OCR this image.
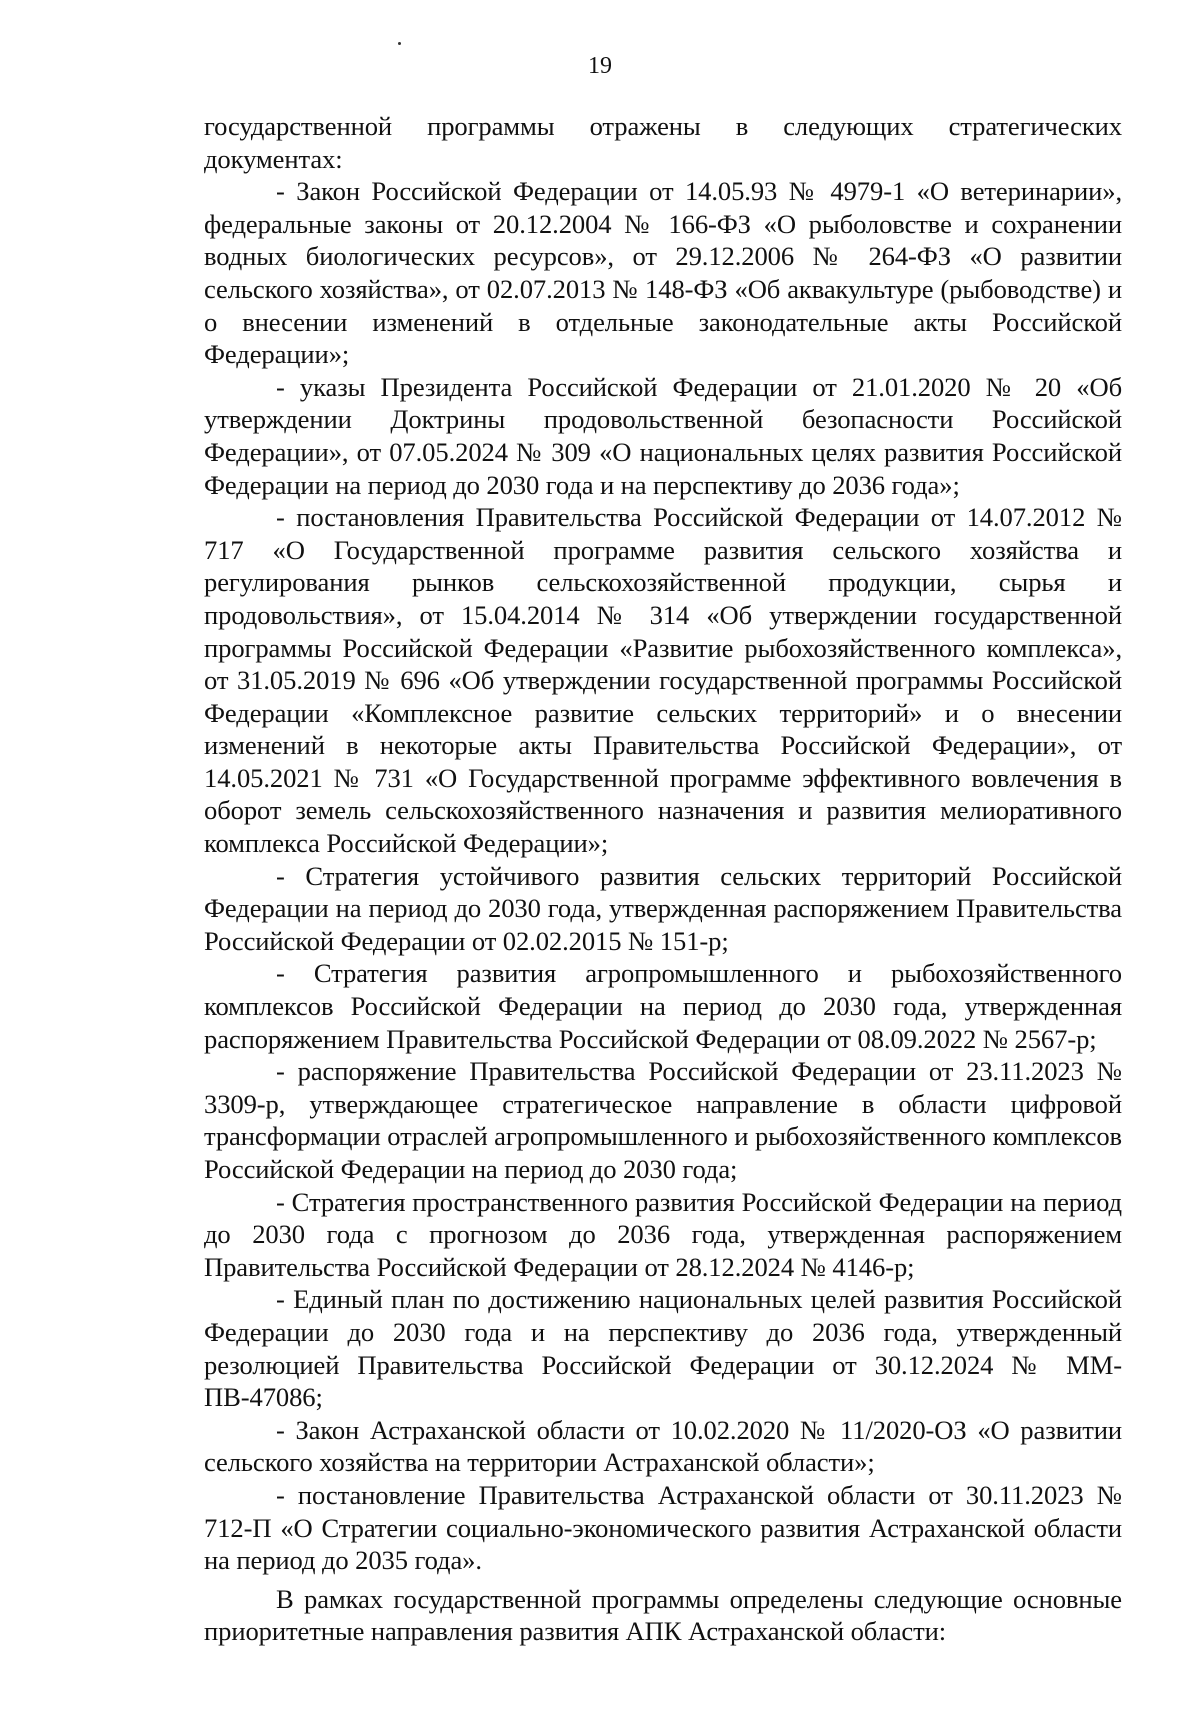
19

государственной программы отражены в следующих стратегических документах:

- Закон Российской Федерации от 14.05.93 № 4979-1 «О ветеринарии», федеральные законы от 20.12.2004 № 166-ФЗ «О рыболовстве и сохранении водных биологических ресурсов», от 29.12.2006 № 264-ФЗ «О развитии сельского хозяйства», от 02.07.2013 № 148-ФЗ «Об аквакультуре (рыбоводстве) и о внесении изменений в отдельные законодательные акты Российской Федерации»;

- указы Президента Российской Федерации от 21.01.2020 № 20 «Об утверждении Доктрины продовольственной безопасности Российской Федерации», от 07.05.2024 № 309 «О национальных целях развития Российской Федерации на период до 2030 года и на перспективу до 2036 года»;

- постановления Правительства Российской Федерации от 14.07.2012 № 717 «О Государственной программе развития сельского хозяйства и регулирования рынков сельскохозяйственной продукции, сырья и продовольствия», от 15.04.2014 № 314 «Об утверждении государственной программы Российской Федерации «Развитие рыбохозяйственного комплекса», от 31.05.2019 № 696 «Об утверждении государственной программы Российской Федерации «Комплексное развитие сельских территорий» и о внесении изменений в некоторые акты Правительства Российской Федерации», от 14.05.2021 № 731 «О Государственной программе эффективного вовлечения в оборот земель сельскохозяйственного назначения и развития мелиоративного комплекса Российской Федерации»;

- Стратегия устойчивого развития сельских территорий Российской Федерации на период до 2030 года, утвержденная распоряжением Правительства Российской Федерации от 02.02.2015 № 151-р;

- Стратегия развития агропромышленного и рыбохозяйственного комплексов Российской Федерации на период до 2030 года, утвержденная распоряжением Правительства Российской Федерации от 08.09.2022 № 2567-р;

- распоряжение Правительства Российской Федерации от 23.11.2023 № 3309-р, утверждающее стратегическое направление в области цифровой трансформации отраслей агропромышленного и рыбохозяйственного комплексов Российской Федерации на период до 2030 года;

- Стратегия пространственного развития Российской Федерации на период до 2030 года с прогнозом до 2036 года, утвержденная распоряжением Правительства Российской Федерации от 28.12.2024 № 4146-р;

- Единый план по достижению национальных целей развития Российской Федерации до 2030 года и на перспективу до 2036 года, утвержденный резолюцией Правительства Российской Федерации от 30.12.2024 № ММ-ПВ-47086;

- Закон Астраханской области от 10.02.2020 № 11/2020-ОЗ «О развитии сельского хозяйства на территории Астраханской области»;

- постановление Правительства Астраханской области от 30.11.2023 № 712-П «О Стратегии социально-экономического развития Астраханской области на период до 2035 года».

В рамках государственной программы определены следующие основные приоритетные направления развития АПК Астраханской области:
